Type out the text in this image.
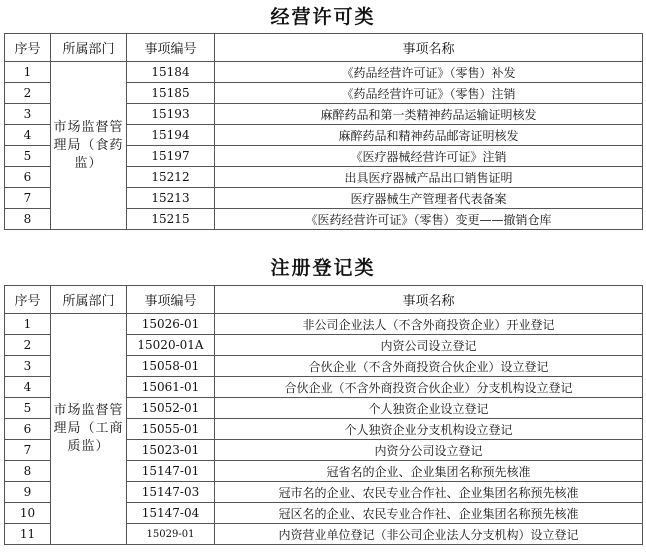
经营许可类
序号	所属部门	事项编号	事项名称
1	市场监督管理局（食药监）	15184	《药品经营许可证》（零售）补发
2		15185	《药品经营许可证》（零售）注销
3		15193	麻醉药品和第一类精神药品运输证明核发
4		15194	麻醉药品和精神药品邮寄证明核发
5		15197	《医疗器械经营许可证》注销
6		15212	出具医疗器械产品出口销售证明
7		15213	医疗器械生产管理者代表备案
8		15215	《医药经营许可证》（零售）变更——撤销仓库
注册登记类
序号	所属部门	事项编号	事项名称
1	市场监督管理局（工商质监）	15026-01	非公司企业法人（不含外商投资企业）开业登记
2		15020-01A	内资公司设立登记
3		15058-01	合伙企业（不含外商投资合伙企业）设立登记
4		15061-01	合伙企业（不含外商投资合伙企业）分支机构设立登记
5		15052-01	个人独资企业设立登记
6		15055-01	个人独资企业分支机构设立登记
7		15023-01	内资分公司设立登记
8		15147-01	冠省名的企业、企业集团名称预先核准
9		15147-03	冠市名的企业、农民专业合作社、企业集团名称预先核准
10		15147-04	冠区名的企业、农民专业合作社、企业集团名称预先核准
11		15029-01	内资营业单位登记（非公司企业法人分支机构）设立登记
